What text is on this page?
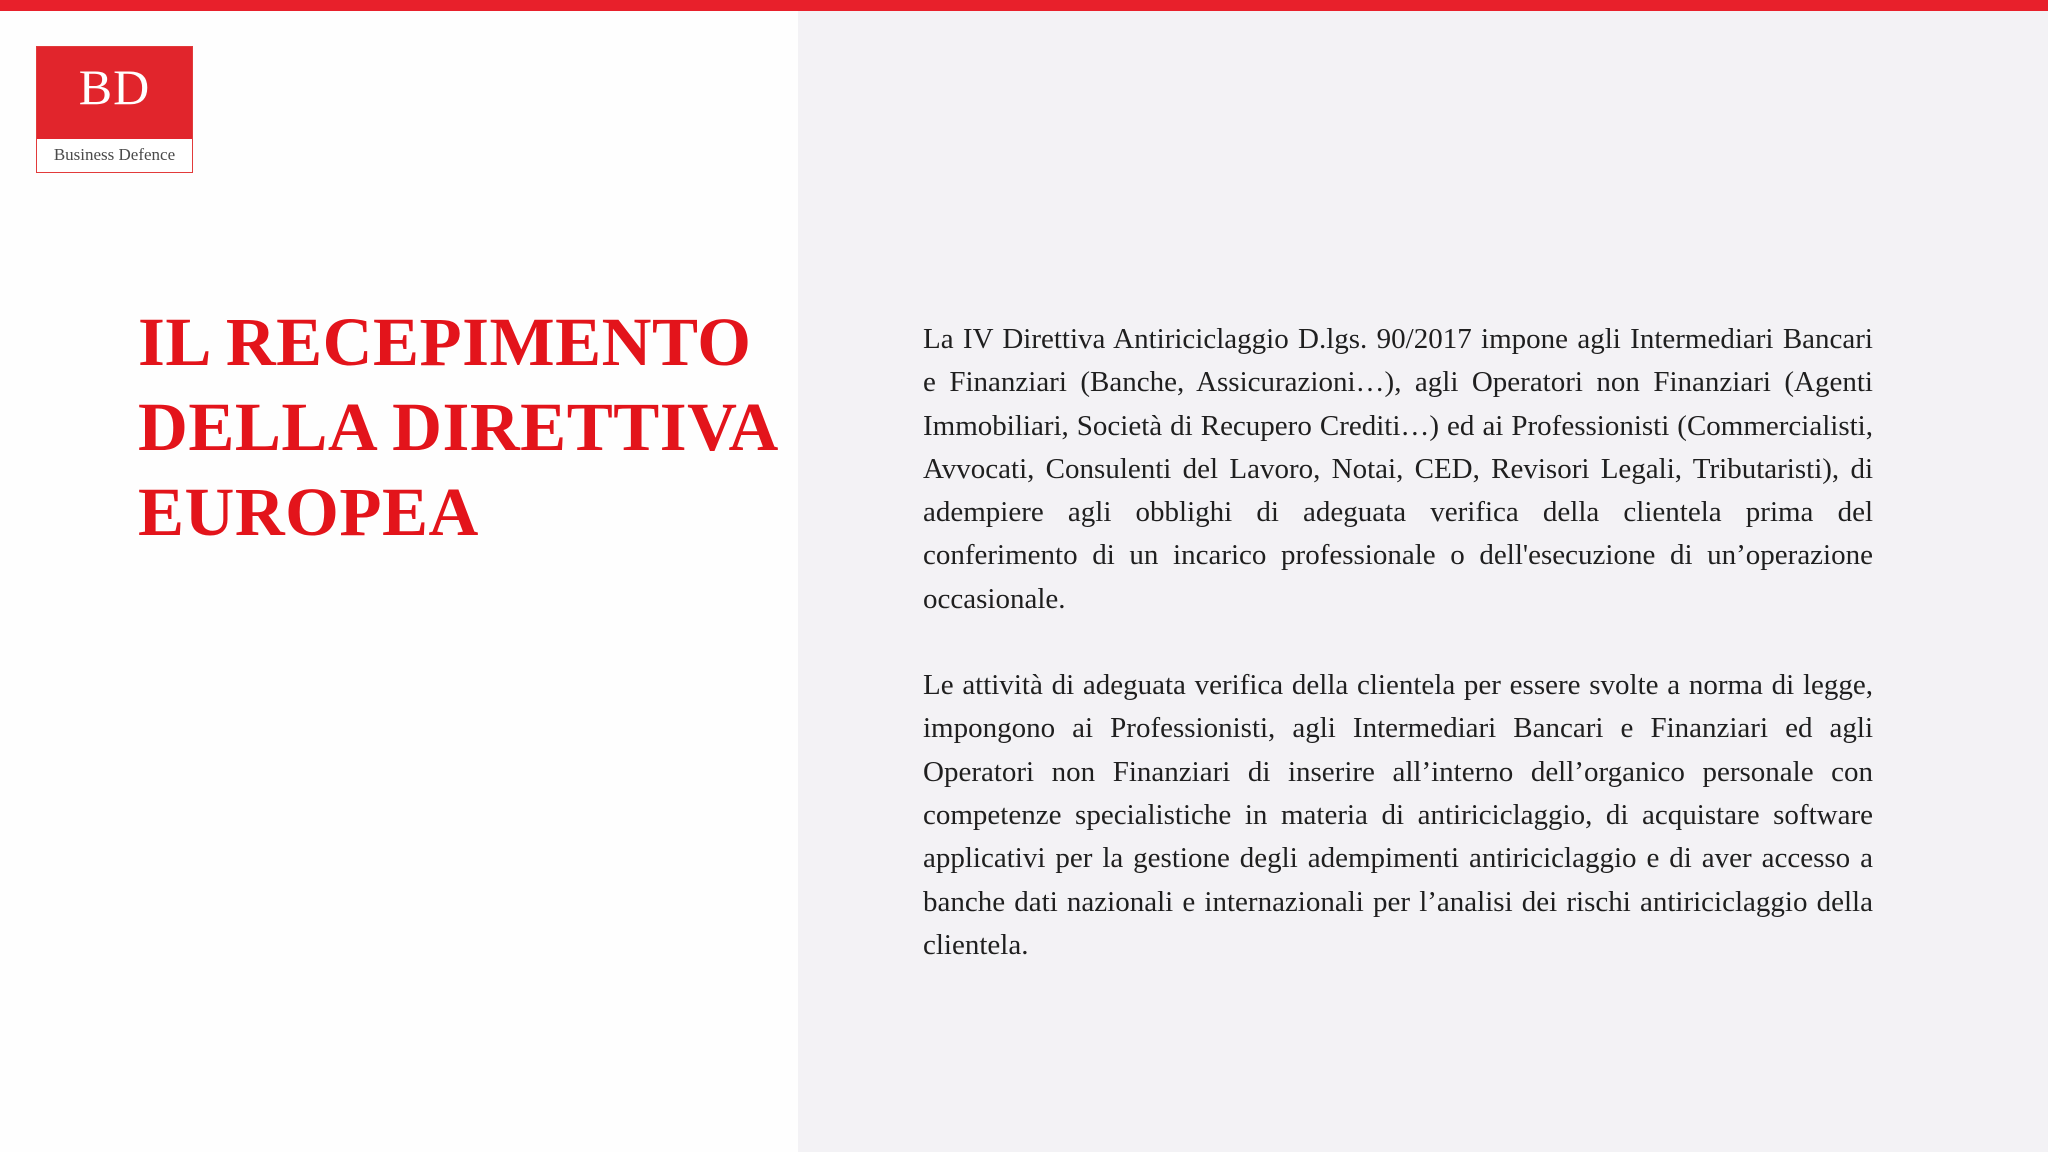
BD
Business Defence
IL RECEPIMENTO
DELLA DIRETTIVA
EUROPEA

La IV Direttiva Antiriciclaggio D.lgs. 90/2017 impone agli Intermediari Bancari e Finanziari (Banche, Assicurazioni…), agli Operatori non Finanziari (Agenti Immobiliari, Società di Recupero Crediti…) ed ai Professionisti (Commercialisti, Avvocati, Consulenti del Lavoro, Notai, CED, Revisori Legali, Tributaristi), di adempiere agli obblighi di adeguata verifica della clientela prima del conferimento di un incarico professionale o dell'esecuzione di un’operazione occasionale.

Le attività di adeguata verifica della clientela per essere svolte a norma di legge, impongono ai Professionisti, agli Intermediari Bancari e Finanziari ed agli Operatori non Finanziari di inserire all’interno dell’organico personale con competenze specialistiche in materia di antiriciclaggio, di acquistare software applicativi per la gestione degli adempimenti antiriciclaggio e di aver accesso a banche dati nazionali e internazionali per l’analisi dei rischi antiriciclaggio della clientela.
